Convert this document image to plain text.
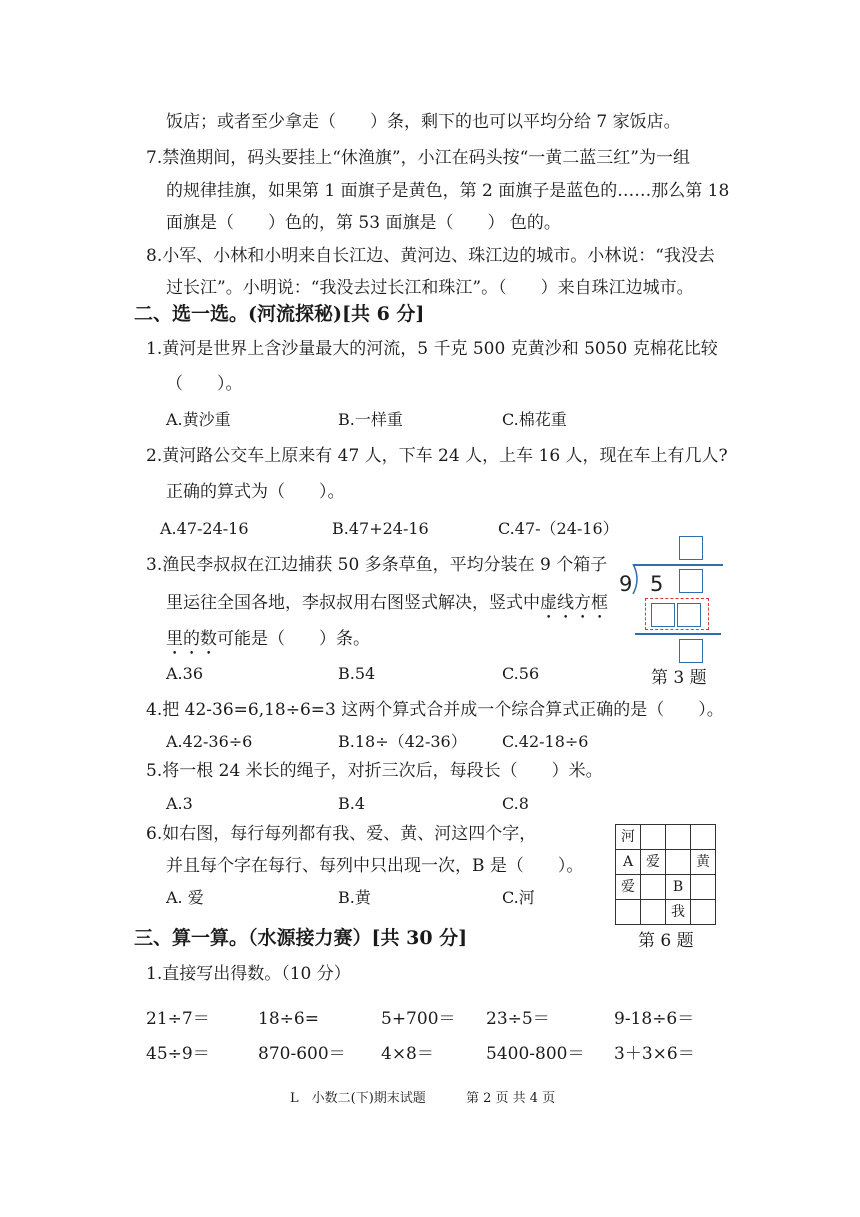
饭店；或者至少拿走（　　）条，剩下的也可以平均分给 7 家饭店。
7.禁渔期间，码头要挂上“休渔旗”，小江在码头按“一黄二蓝三红”为一组
的规律挂旗，如果第 1 面旗子是黄色，第 2 面旗子是蓝色的……那么第 18
面旗是（　　）色的，第 53 面旗是（　　） 色的。
8.小军、小林和小明来自长江边、黄河边、珠江边的城市。小林说：“我没去
过长江”。小明说：“我没去过长江和珠江”。（　　）来自珠江边城市。
二、选一选。(河流探秘)[共 6 分]
1.黄河是世界上含沙量最大的河流，5 千克 500 克黄沙和 5050 克棉花比较
（　　）。
A.黄沙重	B.一样重	C.棉花重
2.黄河路公交车上原来有 47 人，下车 24 人，上车 16 人，现在车上有几人?
正确的算式为（　　）。
A.47-24-16	B.47+24-16	C.47-（24-16）
3.渔民李叔叔在江边捕获 50 多条草鱼，平均分装在 9 个箱子
里运往全国各地，李叔叔用右图竖式解决，竖式中虚线方框
里的数可能是（　　）条。
A.36	B.54	C.56
9 5
第 3 题
4.把 42-36=6,18÷6=3 这两个算式合并成一个综合算式正确的是（　　）。
A.42-36÷6	B.18÷（42-36） C.42-18÷6
5.将一根 24 米长的绳子，对折三次后，每段长（　　）米。
A.3	B.4	C.8
6.如右图，每行每列都有我、爱、黄、河这四个字，
并且每个字在每行、每列中只出现一次，B 是（　　）。
A. 爱	B.黄	C.河
河			
A	爱		黄
爱		B	
		我	
第 6 题
三、算一算。（水源接力赛）[共 30 分]
1.直接写出得数。（10 分）
21÷7＝	18÷6=	5+700＝ 23÷5＝	9-18÷6＝
45÷9＝	870-600＝ 4×8＝	5400-800＝ 3＋3×6＝
L　小数二(下)期末试题	第 2 页 共 4 页
